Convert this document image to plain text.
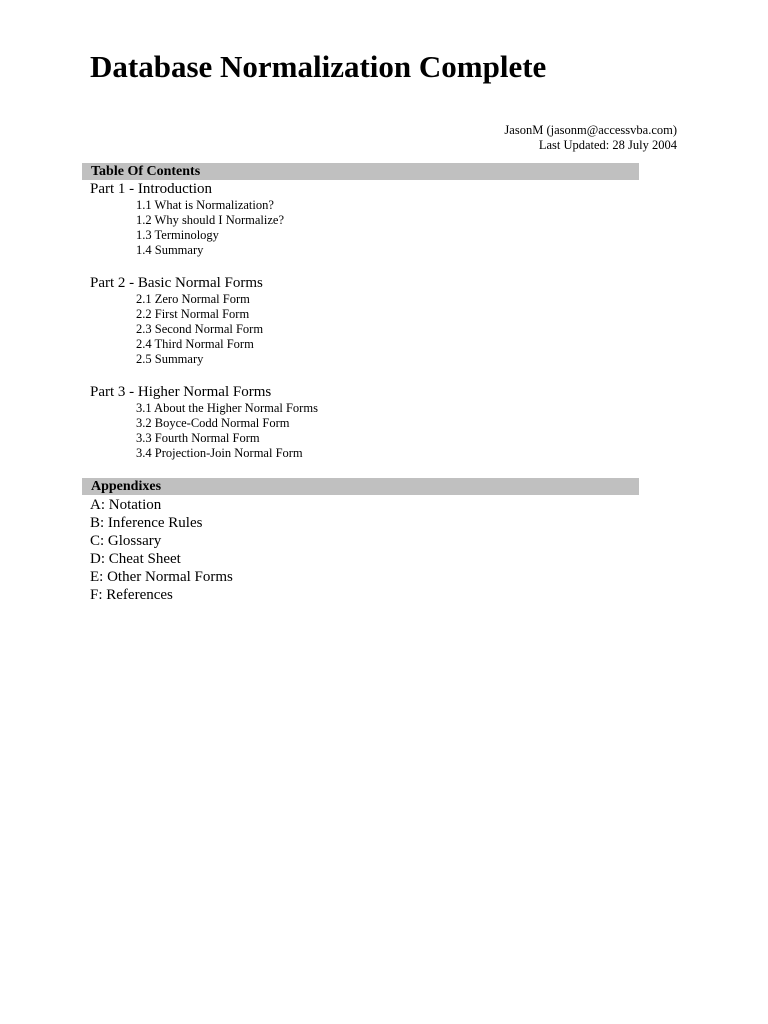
Database Normalization Complete
JasonM (jasonm@accessvba.com)
Last Updated: 28 July 2004
Table Of Contents
Part 1 - Introduction
1.1 What is Normalization?
1.2 Why should I Normalize?
1.3 Terminology
1.4 Summary
Part 2 - Basic Normal Forms
2.1 Zero Normal Form
2.2 First Normal Form
2.3 Second Normal Form
2.4 Third Normal Form
2.5 Summary
Part 3 - Higher Normal Forms
3.1 About the Higher Normal Forms
3.2 Boyce-Codd Normal Form
3.3 Fourth Normal Form
3.4 Projection-Join Normal Form
Appendixes
A: Notation
B: Inference Rules
C: Glossary
D: Cheat Sheet
E: Other Normal Forms
F: References
